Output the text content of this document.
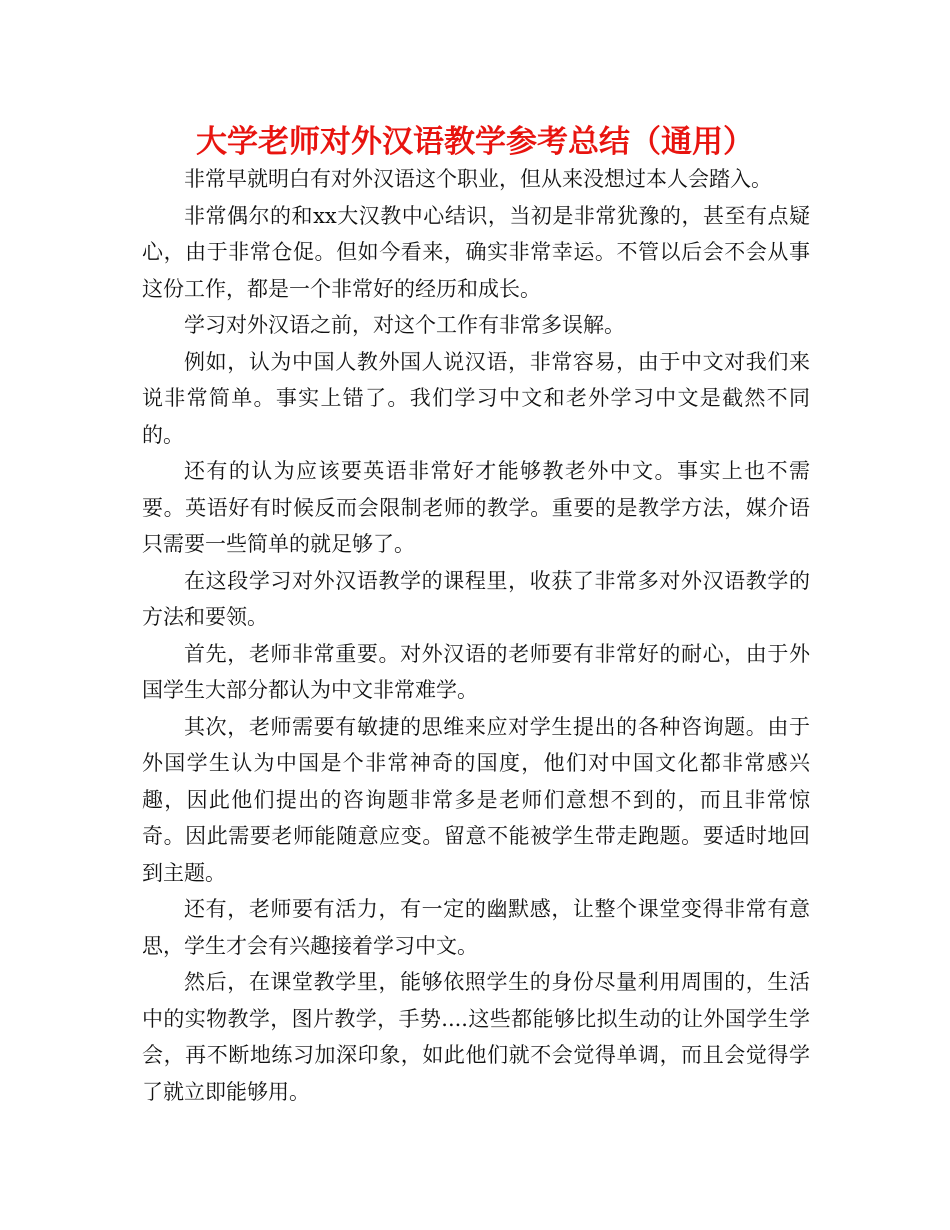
大学老师对外汉语教学参考总结（通用）

非常早就明白有对外汉语这个职业，但从来没想过本人会踏入。

非常偶尔的和xx大汉教中心结识，当初是非常犹豫的，甚至有点疑心，由于非常仓促。但如今看来，确实非常幸运。不管以后会不会从事这份工作，都是一个非常好的经历和成长。

学习对外汉语之前，对这个工作有非常多误解。

例如，认为中国人教外国人说汉语，非常容易，由于中文对我们来说非常简单。事实上错了。我们学习中文和老外学习中文是截然不同的。

还有的认为应该要英语非常好才能够教老外中文。事实上也不需要。英语好有时候反而会限制老师的教学。重要的是教学方法，媒介语只需要一些简单的就足够了。

在这段学习对外汉语教学的课程里，收获了非常多对外汉语教学的方法和要领。

首先，老师非常重要。对外汉语的老师要有非常好的耐心，由于外国学生大部分都认为中文非常难学。

其次，老师需要有敏捷的思维来应对学生提出的各种咨询题。由于外国学生认为中国是个非常神奇的国度，他们对中国文化都非常感兴趣，因此他们提出的咨询题非常多是老师们意想不到的，而且非常惊奇。因此需要老师能随意应变。留意不能被学生带走跑题。要适时地回到主题。

还有，老师要有活力，有一定的幽默感，让整个课堂变得非常有意思，学生才会有兴趣接着学习中文。

然后，在课堂教学里，能够依照学生的身份尽量利用周围的，生活中的实物教学，图片教学，手势....这些都能够比拟生动的让外国学生学会，再不断地练习加深印象，如此他们就不会觉得单调，而且会觉得学了就立即能够用。
